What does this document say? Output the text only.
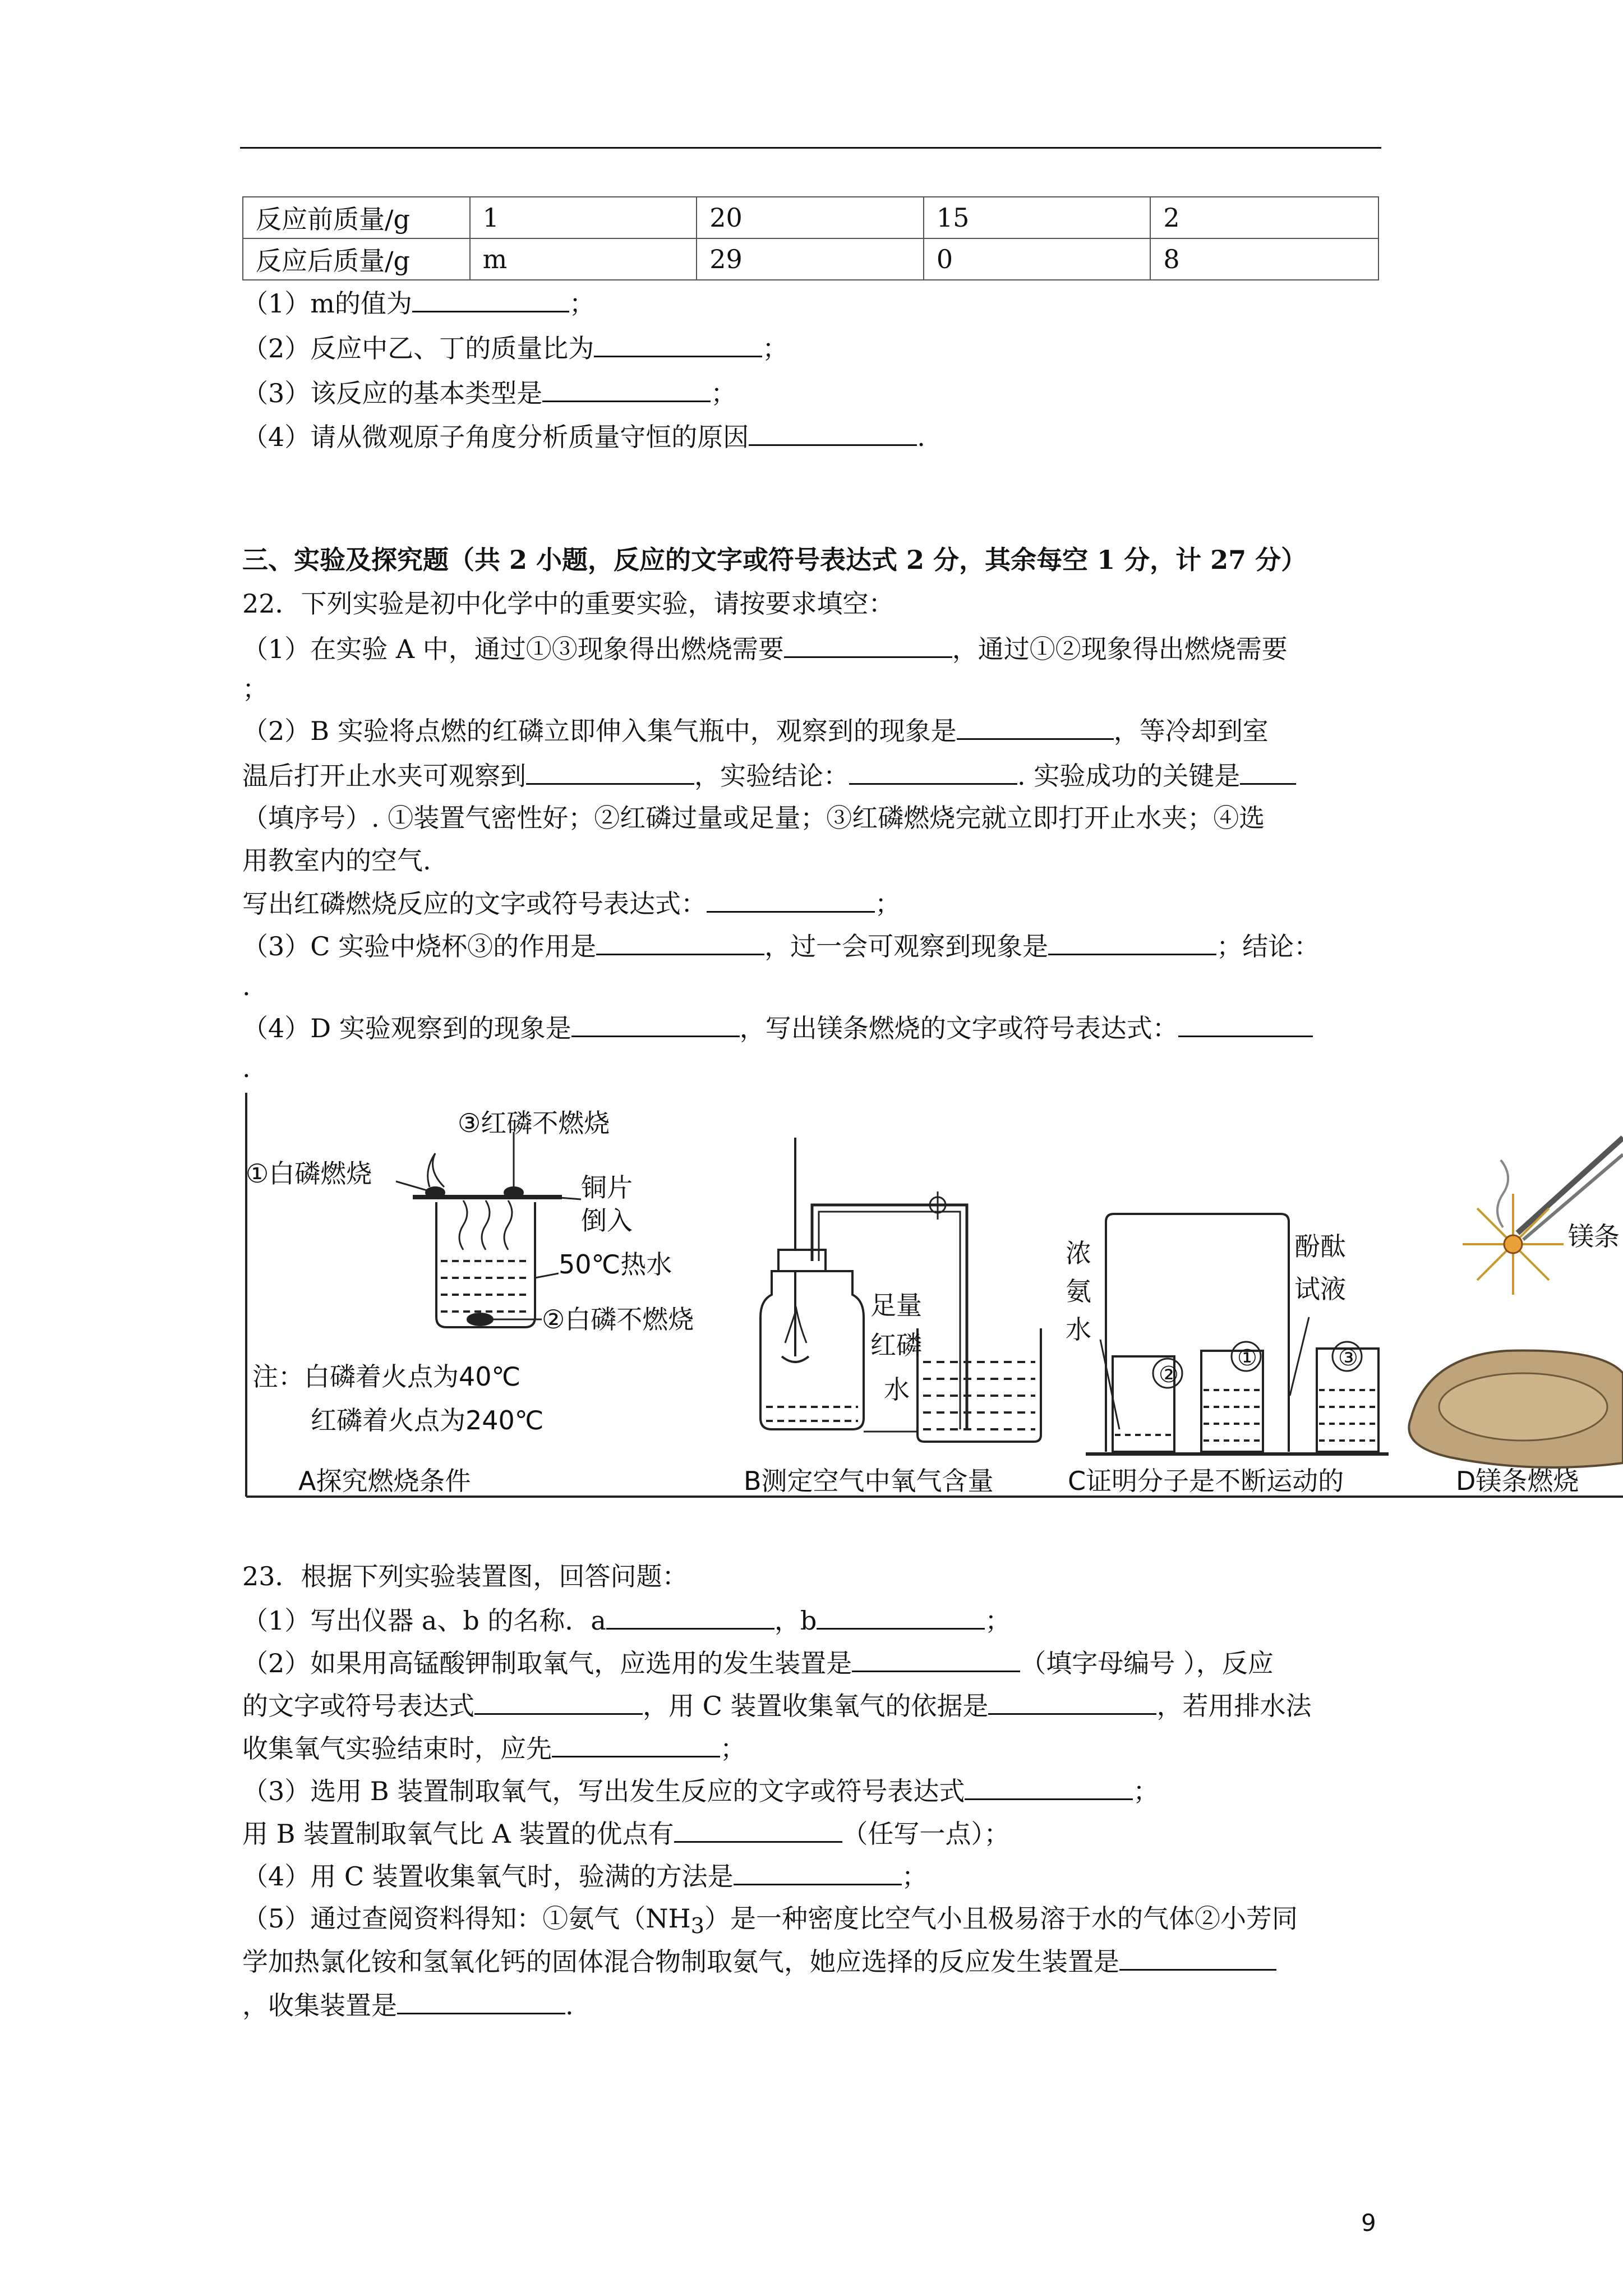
反应前质量/g	1	20	15	2
反应后质量/g	m	29	0	8
（1）m的值为	；
（2）反应中乙、丁的质量比为	；
（3）该反应的基本类型是	；
（4）请从微观原子角度分析质量守恒的原因	.
三、实验及探究题（共 2 小题，反应的文字或符号表达式 2 分，其余每空 1 分，计 27 分）
22．下列实验是初中化学中的重要实验，请按要求填空：
（1）在实验 A 中，通过①③现象得出燃烧需要	，通过①②现象得出燃烧需要
；
（2）B 实验将点燃的红磷立即伸入集气瓶中，观察到的现象是	，等冷却到室
温后打开止水夹可观察到	，实验结论：	. 实验成功的关键是
（填序号）. ①装置气密性好；②红磷过量或足量；③红磷燃烧完就立即打开止水夹；④选
用教室内的空气.
写出红磷燃烧反应的文字或符号表达式：	；
（3）C 实验中烧杯③的作用是	，过一会可观察到现象是	；结论：
.
（4）D 实验观察到的现象是	，写出镁条燃烧的文字或符号表达式：
.
③红磷不燃烧
①白磷燃烧	铜片
倒入
50℃热水
②白磷不燃烧
注：白磷着火点为40℃
红磷着火点为240℃
A探究燃烧条件
足量
红磷
水
B测定空气中氧气含量
浓
氨
水
酚酞
试液
②
①	③
C证明分子是不断运动的
镁条
D镁条燃烧
23．根据下列实验装置图，回答问题：
（1）写出仪器 a、b 的名称．a	，b	；
（2）如果用高锰酸钾制取氧气，应选用的发生装置是	（填字母编号 ），反应
的文字或符号表达式	，用 C 装置收集氧气的依据是	，若用排水法
收集氧气实验结束时，应先	；
（3）选用 B 装置制取氧气，写出发生反应的文字或符号表达式	；
用 B 装置制取氧气比 A 装置的优点有	（任写一点）；
（4）用 C 装置收集氧气时，验满的方法是	；
（5）通过查阅资料得知：①氨气$(NH_3)$是一种密度比空气小且极易溶于水的气体②小芳同
学加热氯化铵和氢氧化钙的固体混合物制取氨气，她应选择的反应发生装置是
，收集装置是	.
9
